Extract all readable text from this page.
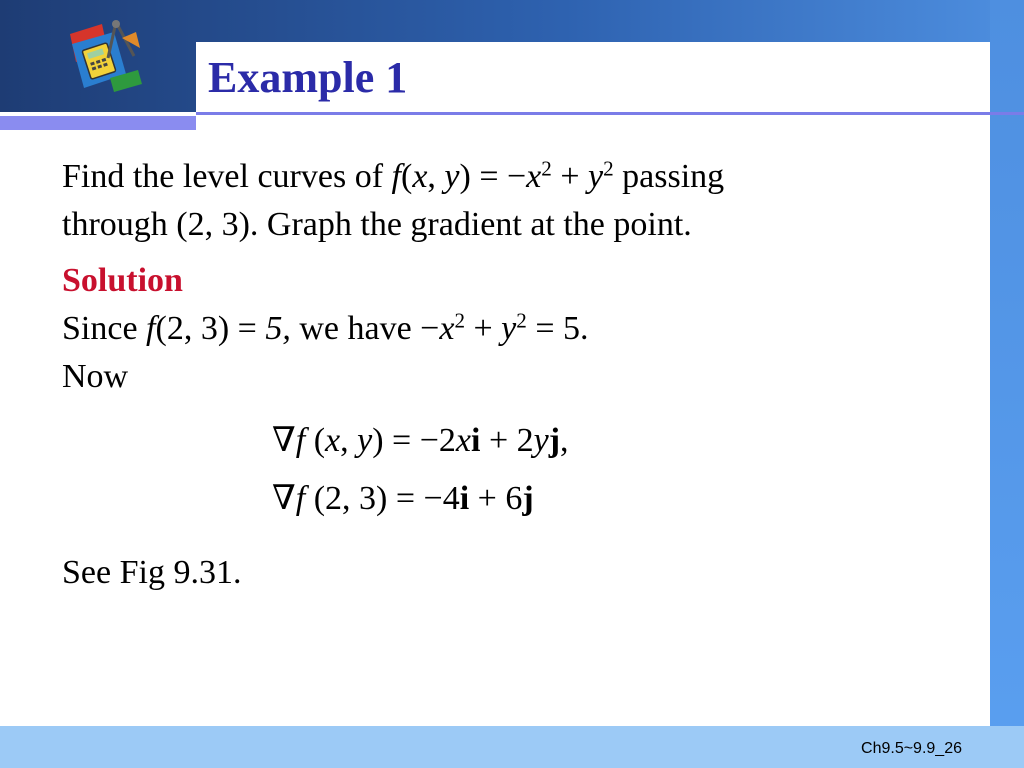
Example 1
Find the level curves of f(x, $y) = -x^2 + y^2$ passing
through (2, 3). Graph the gradient at the point.
Solution
Since f(2, 3) = 5, we have $-x^2 + y^2 = 5$.
Now
∇f (x, y) = −2xi + 2yj,
∇f (2, 3) = −4i + 6j
See Fig 9.31.
Ch9.5~9.9_26
